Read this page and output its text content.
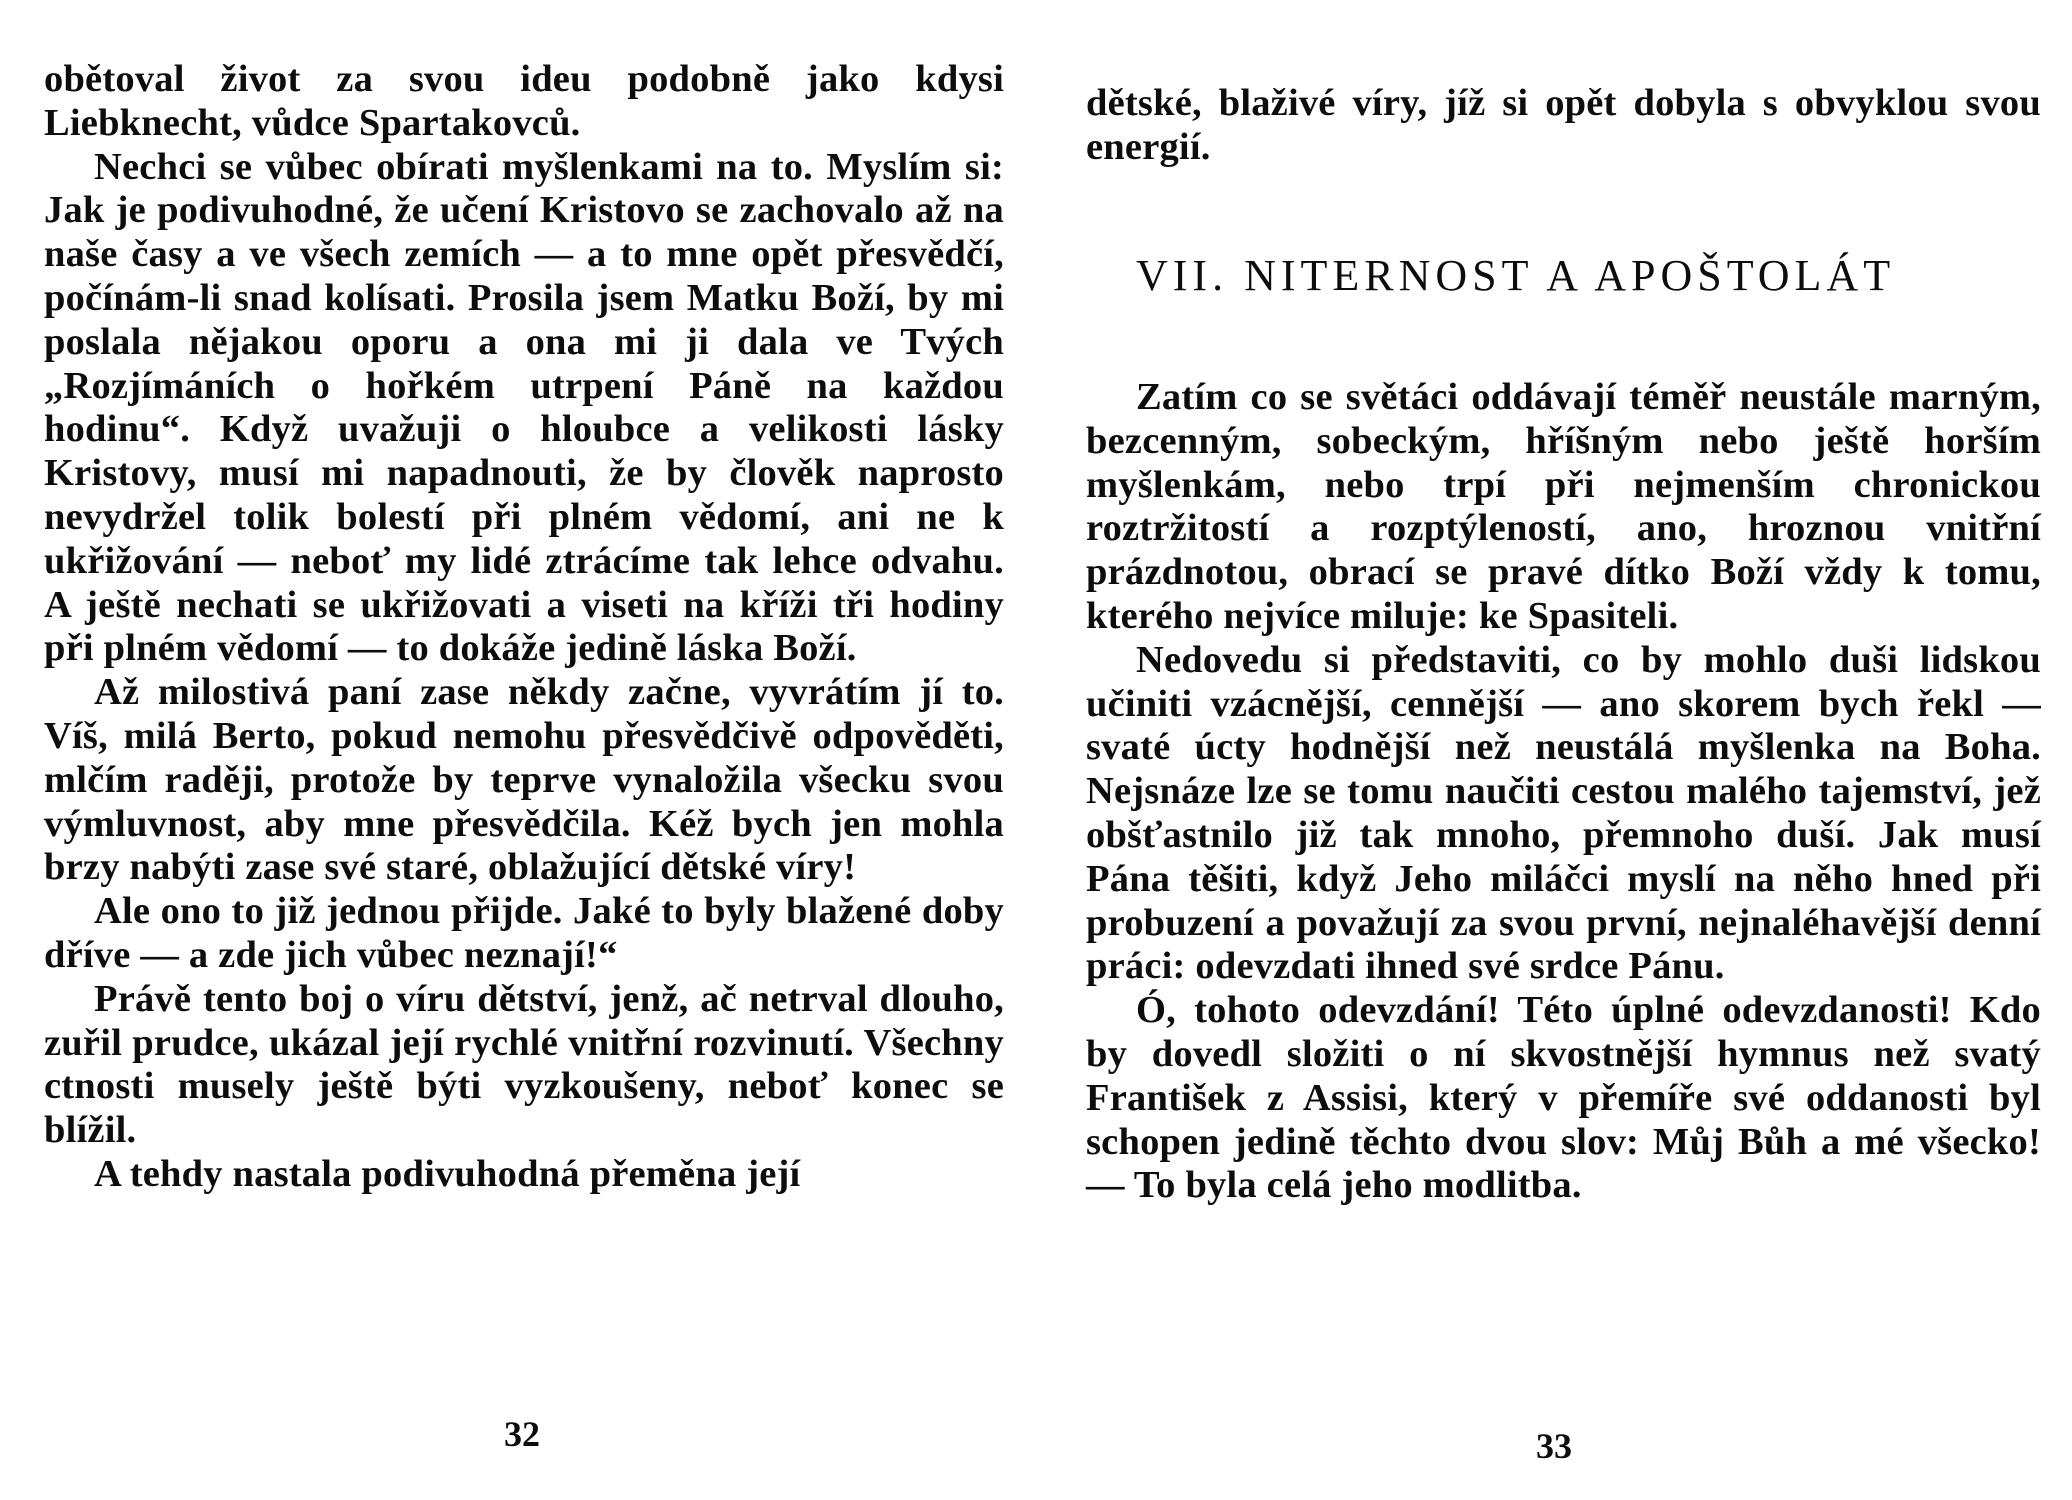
obětoval život za svou ideu podobně jako kdysi Liebknecht, vůdce Spartakovců.

Nechci se vůbec obírati myšlenkami na to. Myslím si: Jak je podivuhodné, že učení Kristovo se zachovalo až na naše časy a ve všech zemích — a to mne opět přesvědčí, počínám-li snad kolísati. Prosila jsem Matku Boží, by mi poslala nějakou oporu a ona mi ji dala ve Tvých „Rozjímáních o hořkém utrpení Páně na každou hodinu“. Když uvažuji o hloubce a velikosti lásky Kristovy, musí mi napadnouti, že by člověk naprosto nevydržel tolik bolestí při plném vědomí, ani ne k ukřižování — neboť my lidé ztrácíme tak lehce odvahu. A ještě nechati se ukřižovati a viseti na kříži tři hodiny při plném vědomí — to dokáže jedině láska Boží.

Až milostivá paní zase někdy začne, vyvrátím jí to. Víš, milá Berto, pokud nemohu přesvědčivě odpověděti, mlčím raději, protože by teprve vynaložila všecku svou výmluvnost, aby mne přesvědčila. Kéž bych jen mohla brzy nabýti zase své staré, oblažující dětské víry!

Ale ono to již jednou přijde. Jaké to byly blažené doby dříve — a zde jich vůbec neznají!“

Právě tento boj o víru dětství, jenž, ač netrval dlouho, zuřil prudce, ukázal její rychlé vnitřní rozvinutí. Všechny ctnosti musely ještě býti vyzkoušeny, neboť konec se blížil.

A tehdy nastala podivuhodná přeměna její

32

dětské, blaživé víry, jíž si opět dobyla s obvyklou svou energií.

VII. NITERNOST A APOŠTOLÁT

Zatím co se světáci oddávají téměř neustále marným, bezcenným, sobeckým, hříšným nebo ještě horším myšlenkám, nebo trpí při nejmenším chronickou roztržitostí a rozptýleností, ano, hroznou vnitřní prázdnotou, obrací se pravé dítko Boží vždy k tomu, kterého nejvíce miluje: ke Spasiteli.

Nedovedu si představiti, co by mohlo duši lidskou učiniti vzácnější, cennější — ano skorem bych řekl — svaté úcty hodnější než neustálá myšlenka na Boha. Nejsnáze lze se tomu naučiti cestou malého tajemství, jež obšťastnilo již tak mnoho, přemnoho duší. Jak musí Pána těšiti, když Jeho miláčci myslí na něho hned při probuzení a považují za svou první, nejnaléhavější denní práci: odevzdati ihned své srdce Pánu.

Ó, tohoto odevzdání! Této úplné odevzdanosti! Kdo by dovedl složiti o ní skvostnější hymnus než svatý František z Assisi, který v přemíře své oddanosti byl schopen jedině těchto dvou slov: Můj Bůh a mé všecko! — To byla celá jeho modlitba.

33
